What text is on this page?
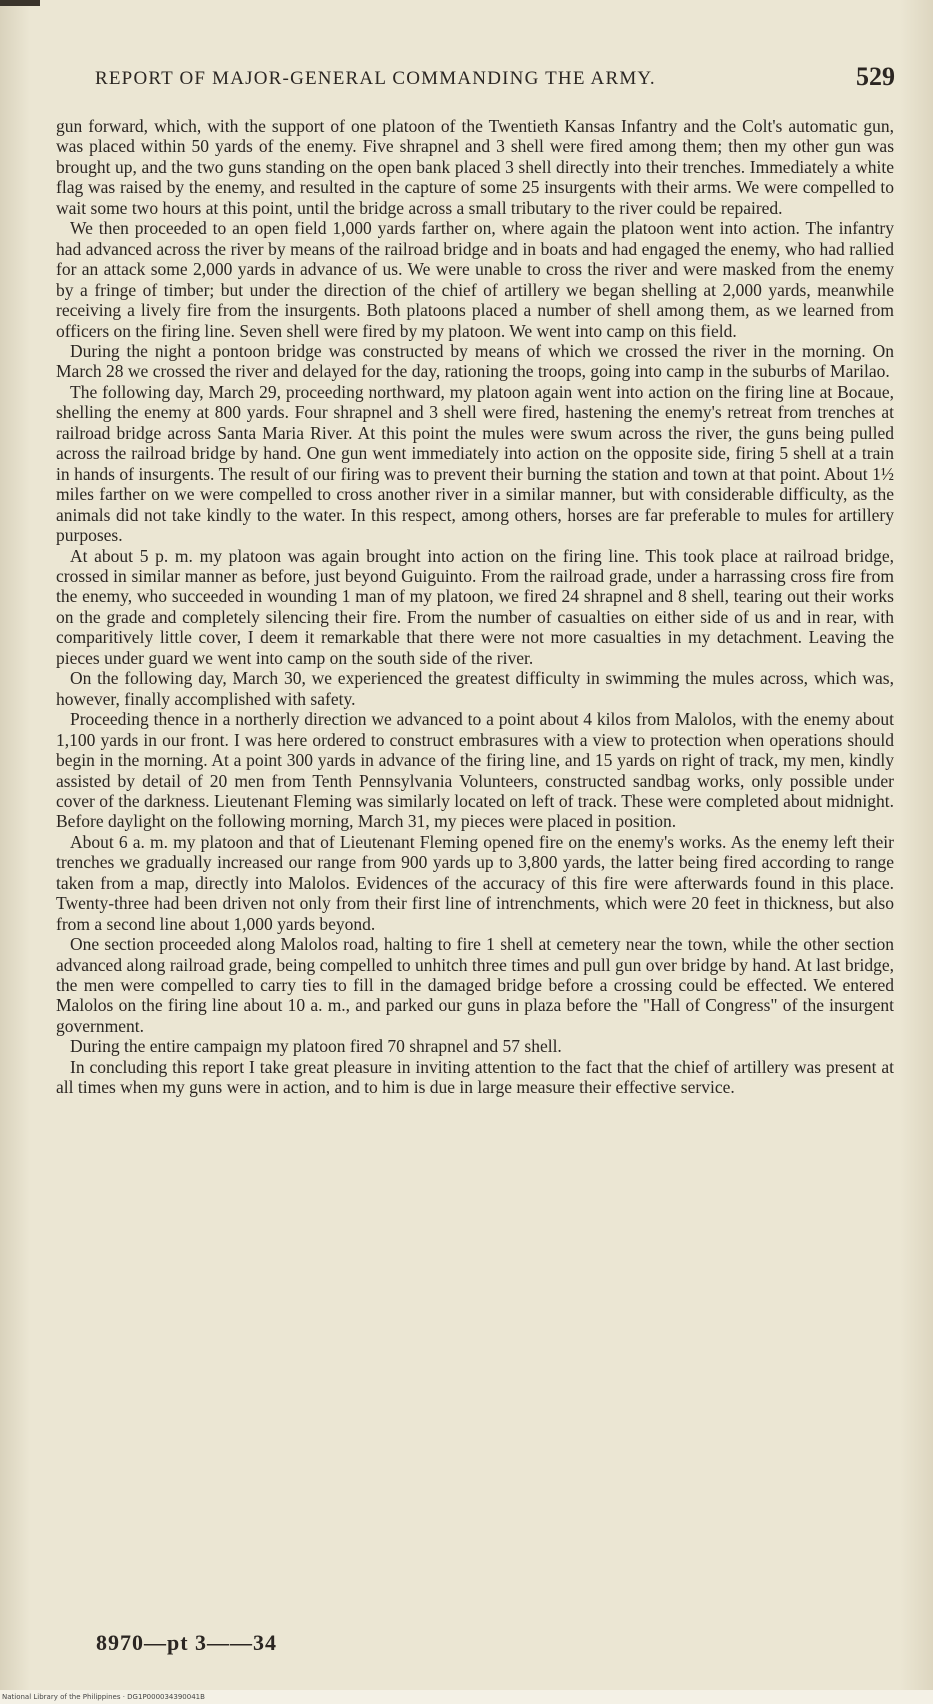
REPORT OF MAJOR-GENERAL COMMANDING THE ARMY.	529

gun forward, which, with the support of one platoon of the Twentieth Kansas Infantry and the Colt's automatic gun, was placed within 50 yards of the enemy. Five shrapnel and 3 shell were fired among them; then my other gun was brought up, and the two guns standing on the open bank placed 3 shell directly into their trenches. Immediately a white flag was raised by the enemy, and resulted in the capture of some 25 insurgents with their arms. We were compelled to wait some two hours at this point, until the bridge across a small tributary to the river could be repaired.

We then proceeded to an open field 1,000 yards farther on, where again the platoon went into action. The infantry had advanced across the river by means of the railroad bridge and in boats and had engaged the enemy, who had rallied for an attack some 2,000 yards in advance of us. We were unable to cross the river and were masked from the enemy by a fringe of timber; but under the direction of the chief of artillery we began shelling at 2,000 yards, meanwhile receiving a lively fire from the insurgents. Both platoons placed a number of shell among them, as we learned from officers on the firing line. Seven shell were fired by my platoon. We went into camp on this field.

During the night a pontoon bridge was constructed by means of which we crossed the river in the morning. On March 28 we crossed the river and delayed for the day, rationing the troops, going into camp in the suburbs of Marilao.

The following day, March 29, proceeding northward, my platoon again went into action on the firing line at Bocaue, shelling the enemy at 800 yards. Four shrapnel and 3 shell were fired, hastening the enemy's retreat from trenches at railroad bridge across Santa Maria River. At this point the mules were swum across the river, the guns being pulled across the railroad bridge by hand. One gun went immediately into action on the opposite side, firing 5 shell at a train in hands of insurgents. The result of our firing was to prevent their burning the station and town at that point. About 1½ miles farther on we were compelled to cross another river in a similar manner, but with considerable difficulty, as the animals did not take kindly to the water. In this respect, among others, horses are far preferable to mules for artillery purposes.

At about 5 p. m. my platoon was again brought into action on the firing line. This took place at railroad bridge, crossed in similar manner as before, just beyond Guiguinto. From the railroad grade, under a harrassing cross fire from the enemy, who succeeded in wounding 1 man of my platoon, we fired 24 shrapnel and 8 shell, tearing out their works on the grade and completely silencing their fire. From the number of casualties on either side of us and in rear, with comparitively little cover, I deem it remarkable that there were not more casualties in my detachment. Leaving the pieces under guard we went into camp on the south side of the river.

On the following day, March 30, we experienced the greatest difficulty in swimming the mules across, which was, however, finally accomplished with safety.

Proceeding thence in a northerly direction we advanced to a point about 4 kilos from Malolos, with the enemy about 1,100 yards in our front. I was here ordered to construct embrasures with a view to protection when operations should begin in the morning. At a point 300 yards in advance of the firing line, and 15 yards on right of track, my men, kindly assisted by detail of 20 men from Tenth Pennsylvania Volunteers, constructed sandbag works, only possible under cover of the darkness. Lieutenant Fleming was similarly located on left of track. These were completed about midnight. Before daylight on the following morning, March 31, my pieces were placed in position.

About 6 a. m. my platoon and that of Lieutenant Fleming opened fire on the enemy's works. As the enemy left their trenches we gradually increased our range from 900 yards up to 3,800 yards, the latter being fired according to range taken from a map, directly into Malolos. Evidences of the accuracy of this fire were afterwards found in this place. Twenty-three had been driven not only from their first line of intrenchments, which were 20 feet in thickness, but also from a second line about 1,000 yards beyond.

One section proceeded along Malolos road, halting to fire 1 shell at cemetery near the town, while the other section advanced along railroad grade, being compelled to unhitch three times and pull gun over bridge by hand. At last bridge, the men were compelled to carry ties to fill in the damaged bridge before a crossing could be effected. We entered Malolos on the firing line about 10 a. m., and parked our guns in plaza before the "Hall of Congress" of the insurgent government.

During the entire campaign my platoon fired 70 shrapnel and 57 shell.

In concluding this report I take great pleasure in inviting attention to the fact that the chief of artillery was present at all times when my guns were in action, and to him is due in large measure their effective service.

8970—pt 3——34
National Library of the Philippines · DG1P000034390041B
